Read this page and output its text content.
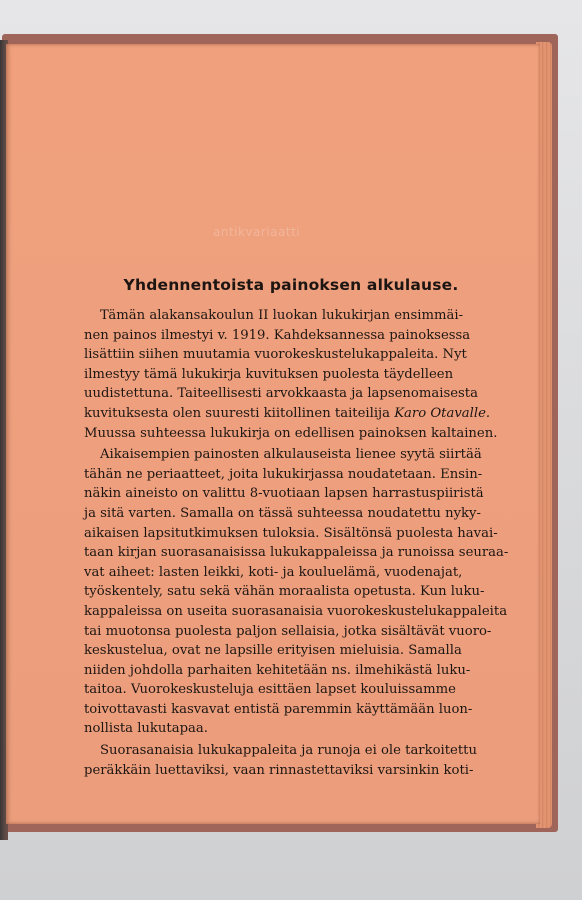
antikvariaatti
Yhdennentoista painoksen alkulause.
Tämän alakansakoulun II luokan lukukirjan ensimmäi-
nen painos ilmestyi v. 1919. Kahdeksannessa painoksessa
lisättiin siihen muutamia vuorokeskustelukappaleita. Nyt
ilmestyy tämä lukukirja kuvituksen puolesta täydelleen
uudistettuna. Taiteellisesti arvokkaasta ja lapsenomaisesta
kuvituksesta olen suuresti kiitollinen taiteilija Karo Otavalle.
Muussa suhteessa lukukirja on edellisen painoksen kaltainen.
Aikaisempien painosten alkulauseista lienee syytä siirtää
tähän ne periaatteet, joita lukukirjassa noudatetaan. Ensin-
näkin aineisto on valittu 8-vuotiaan lapsen harrastuspiiristä
ja sitä varten. Samalla on tässä suhteessa noudatettu nyky-
aikaisen lapsitutkimuksen tuloksia. Sisältönsä puolesta havai-
taan kirjan suorasanaisissa lukukappaleissa ja runoissa seuraa-
vat aiheet: lasten leikki, koti- ja kouluelämä, vuodenajat,
työskentely, satu sekä vähän moraalista opetusta. Kun luku-
kappaleissa on useita suorasanaisia vuorokeskustelukappaleita
tai muotonsa puolesta paljon sellaisia, jotka sisältävät vuoro-
keskustelua, ovat ne lapsille erityisen mieluisia. Samalla
niiden johdolla parhaiten kehitetään ns. ilmehikästä luku-
taitoa. Vuorokeskusteluja esittäen lapset kouluissamme
toivottavasti kasvavat entistä paremmin käyttämään luon-
nollista lukutapaa.
Suorasanaisia lukukappaleita ja runoja ei ole tarkoitettu
peräkkäin luettaviksi, vaan rinnastettaviksi varsinkin koti-
